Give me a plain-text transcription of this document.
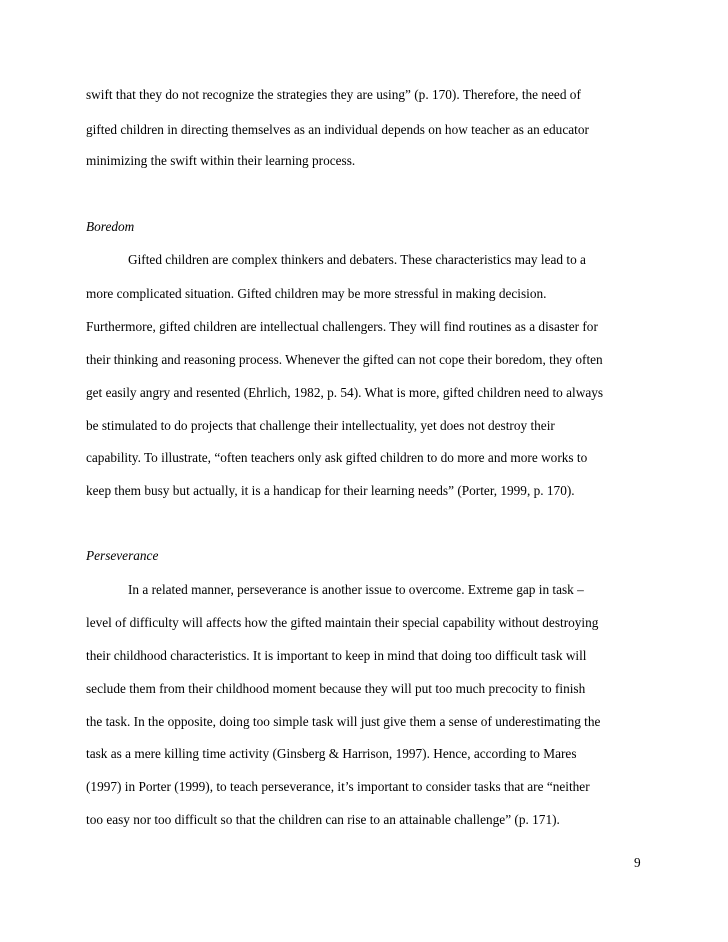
swift that they do not recognize the strategies they are using” (p. 170). Therefore, the need of
gifted children in directing themselves as an individual depends on how teacher as an educator
minimizing the swift within their learning process.
Boredom
Gifted children are complex thinkers and debaters. These characteristics may lead to a
more complicated situation. Gifted children may be more stressful in making decision.
Furthermore, gifted children are intellectual challengers. They will find routines as a disaster for
their thinking and reasoning process. Whenever the gifted can not cope their boredom, they often
get easily angry and resented (Ehrlich, 1982, p. 54). What is more, gifted children need to always
be stimulated to do projects that challenge their intellectuality, yet does not destroy their
capability. To illustrate, “often teachers only ask gifted children to do more and more works to
keep them busy but actually, it is a handicap for their learning needs” (Porter, 1999, p. 170).
Perseverance
In a related manner, perseverance is another issue to overcome. Extreme gap in task –
level of difficulty will affects how the gifted maintain their special capability without destroying
their childhood characteristics. It is important to keep in mind that doing too difficult task will
seclude them from their childhood moment because they will put too much precocity to finish
the task. In the opposite, doing too simple task will just give them a sense of underestimating the
task as a mere killing time activity (Ginsberg & Harrison, 1997). Hence, according to Mares
(1997) in Porter (1999), to teach perseverance, it’s important to consider tasks that are “neither
too easy nor too difficult so that the children can rise to an attainable challenge” (p. 171).
9
